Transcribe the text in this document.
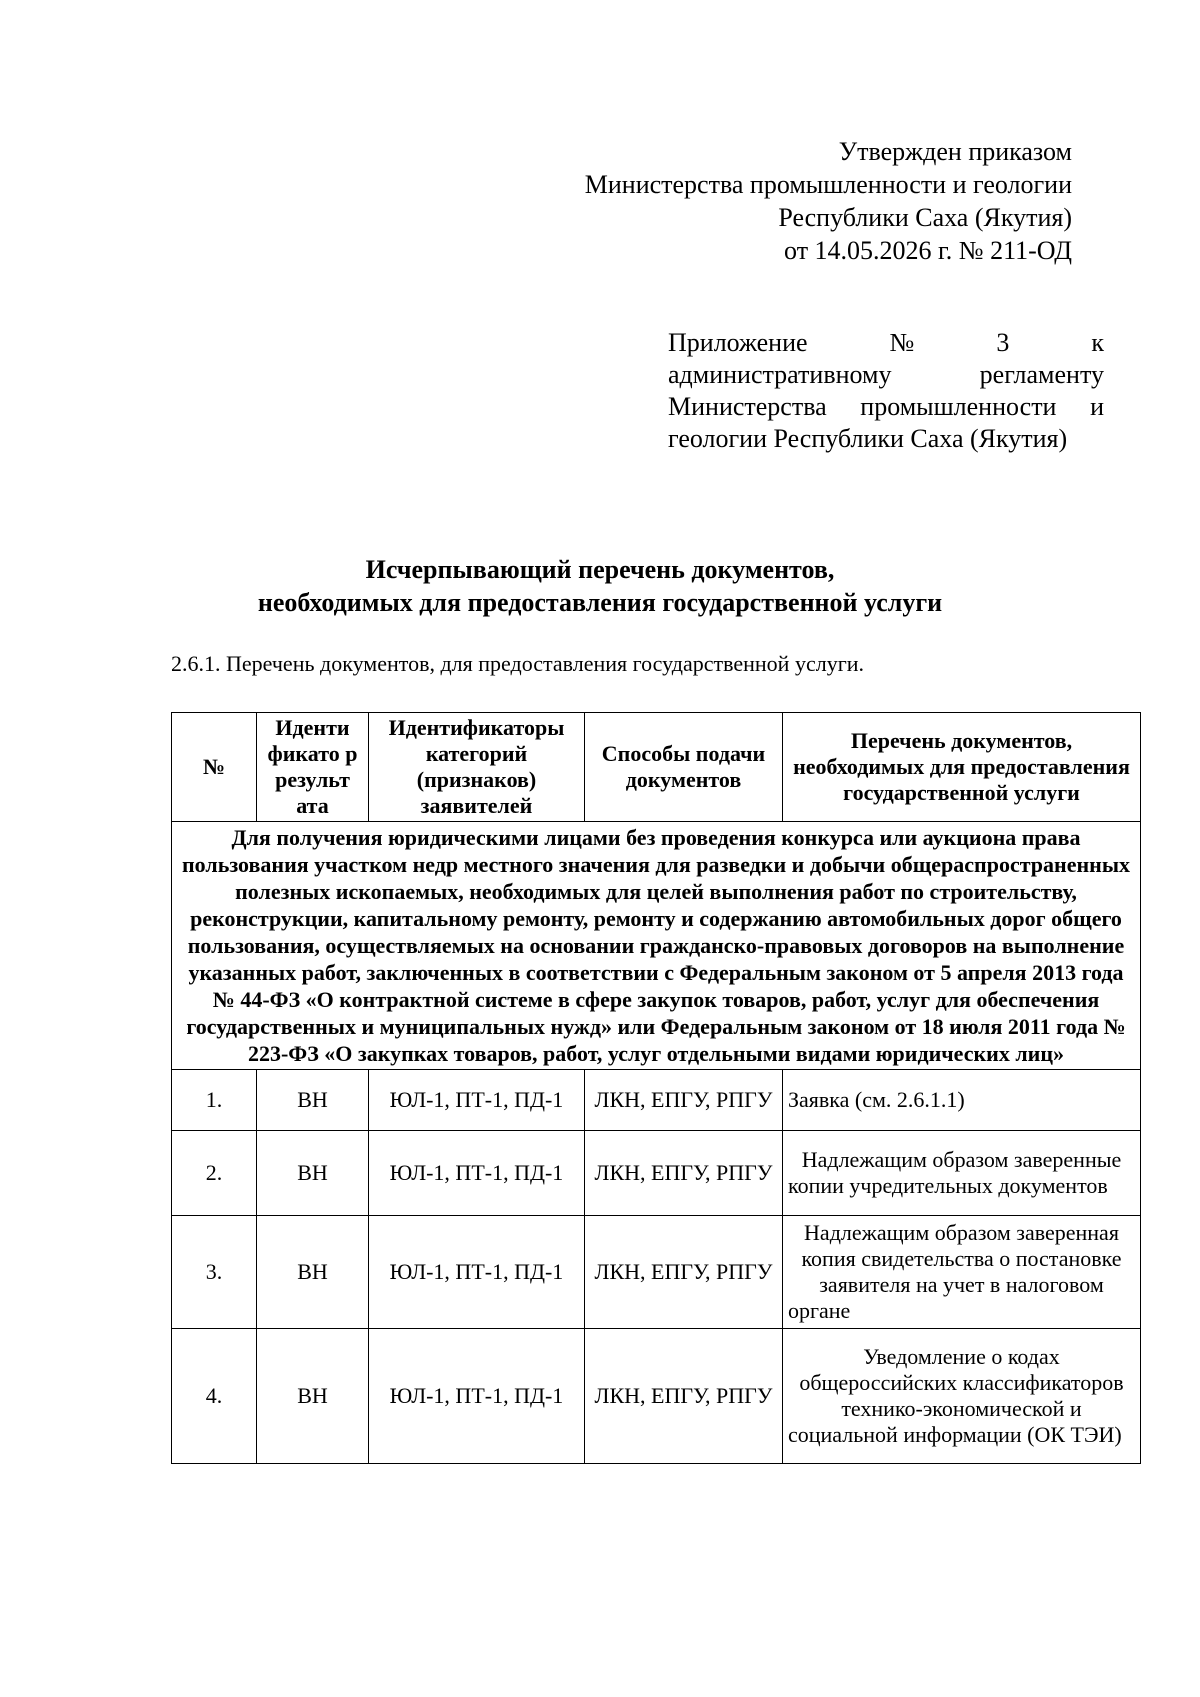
Утвержден приказом
Министерства промышленности и геологии
Республики Саха (Якутия)
от 14.05.2026 г. № 211-ОД
Приложение	№	3	к
административному регламенту Министерства промышленности и геологии Республики Саха (Якутия)
Исчерпывающий перечень документов,
необходимых для предоставления государственной услуги
2.6.1. Перечень документов, для предоставления государственной услуги.
№	Иденти фикато р результ ата	Идентификаторы категорий (признаков) заявителей	Способы подачи документов	Перечень документов, необходимых для предоставления государственной услуги
Для получения юридическими лицами без проведения конкурса или аукциона права пользования участком недр местного значения для разведки и добычи общераспространенных полезных ископаемых, необходимых для целей выполнения работ по строительству, реконструкции, капитальному ремонту, ремонту и содержанию автомобильных дорог общего пользования, осуществляемых на основании гражданско-правовых договоров на выполнение указанных работ, заключенных в соответствии с Федеральным законом от 5 апреля 2013 года № 44-ФЗ «О контрактной системе в сфере закупок товаров, работ, услуг для обеспечения государственных и муниципальных нужд» или Федеральным законом от 18 июля 2011 года № 223-ФЗ «О закупках товаров, работ, услуг отдельными видами юридических лиц»				
1.	ВН	ЮЛ-1, ПТ-1, ПД-1	ЛКН, ЕПГУ, РПГУ	Заявка (см. 2.6.1.1)
2.	ВН	ЮЛ-1, ПТ-1, ПД-1	ЛКН, ЕПГУ, РПГУ	Надлежащим образом заверенные копии учредительных документов
3.	ВН	ЮЛ-1, ПТ-1, ПД-1	ЛКН, ЕПГУ, РПГУ	Надлежащим образом заверенная копия свидетельства о постановке заявителя на учет в налоговом органе
4.	ВН	ЮЛ-1, ПТ-1, ПД-1	ЛКН, ЕПГУ, РПГУ	Уведомление о кодах общероссийских классификаторов технико-экономической и социальной информации (ОК ТЭИ)
